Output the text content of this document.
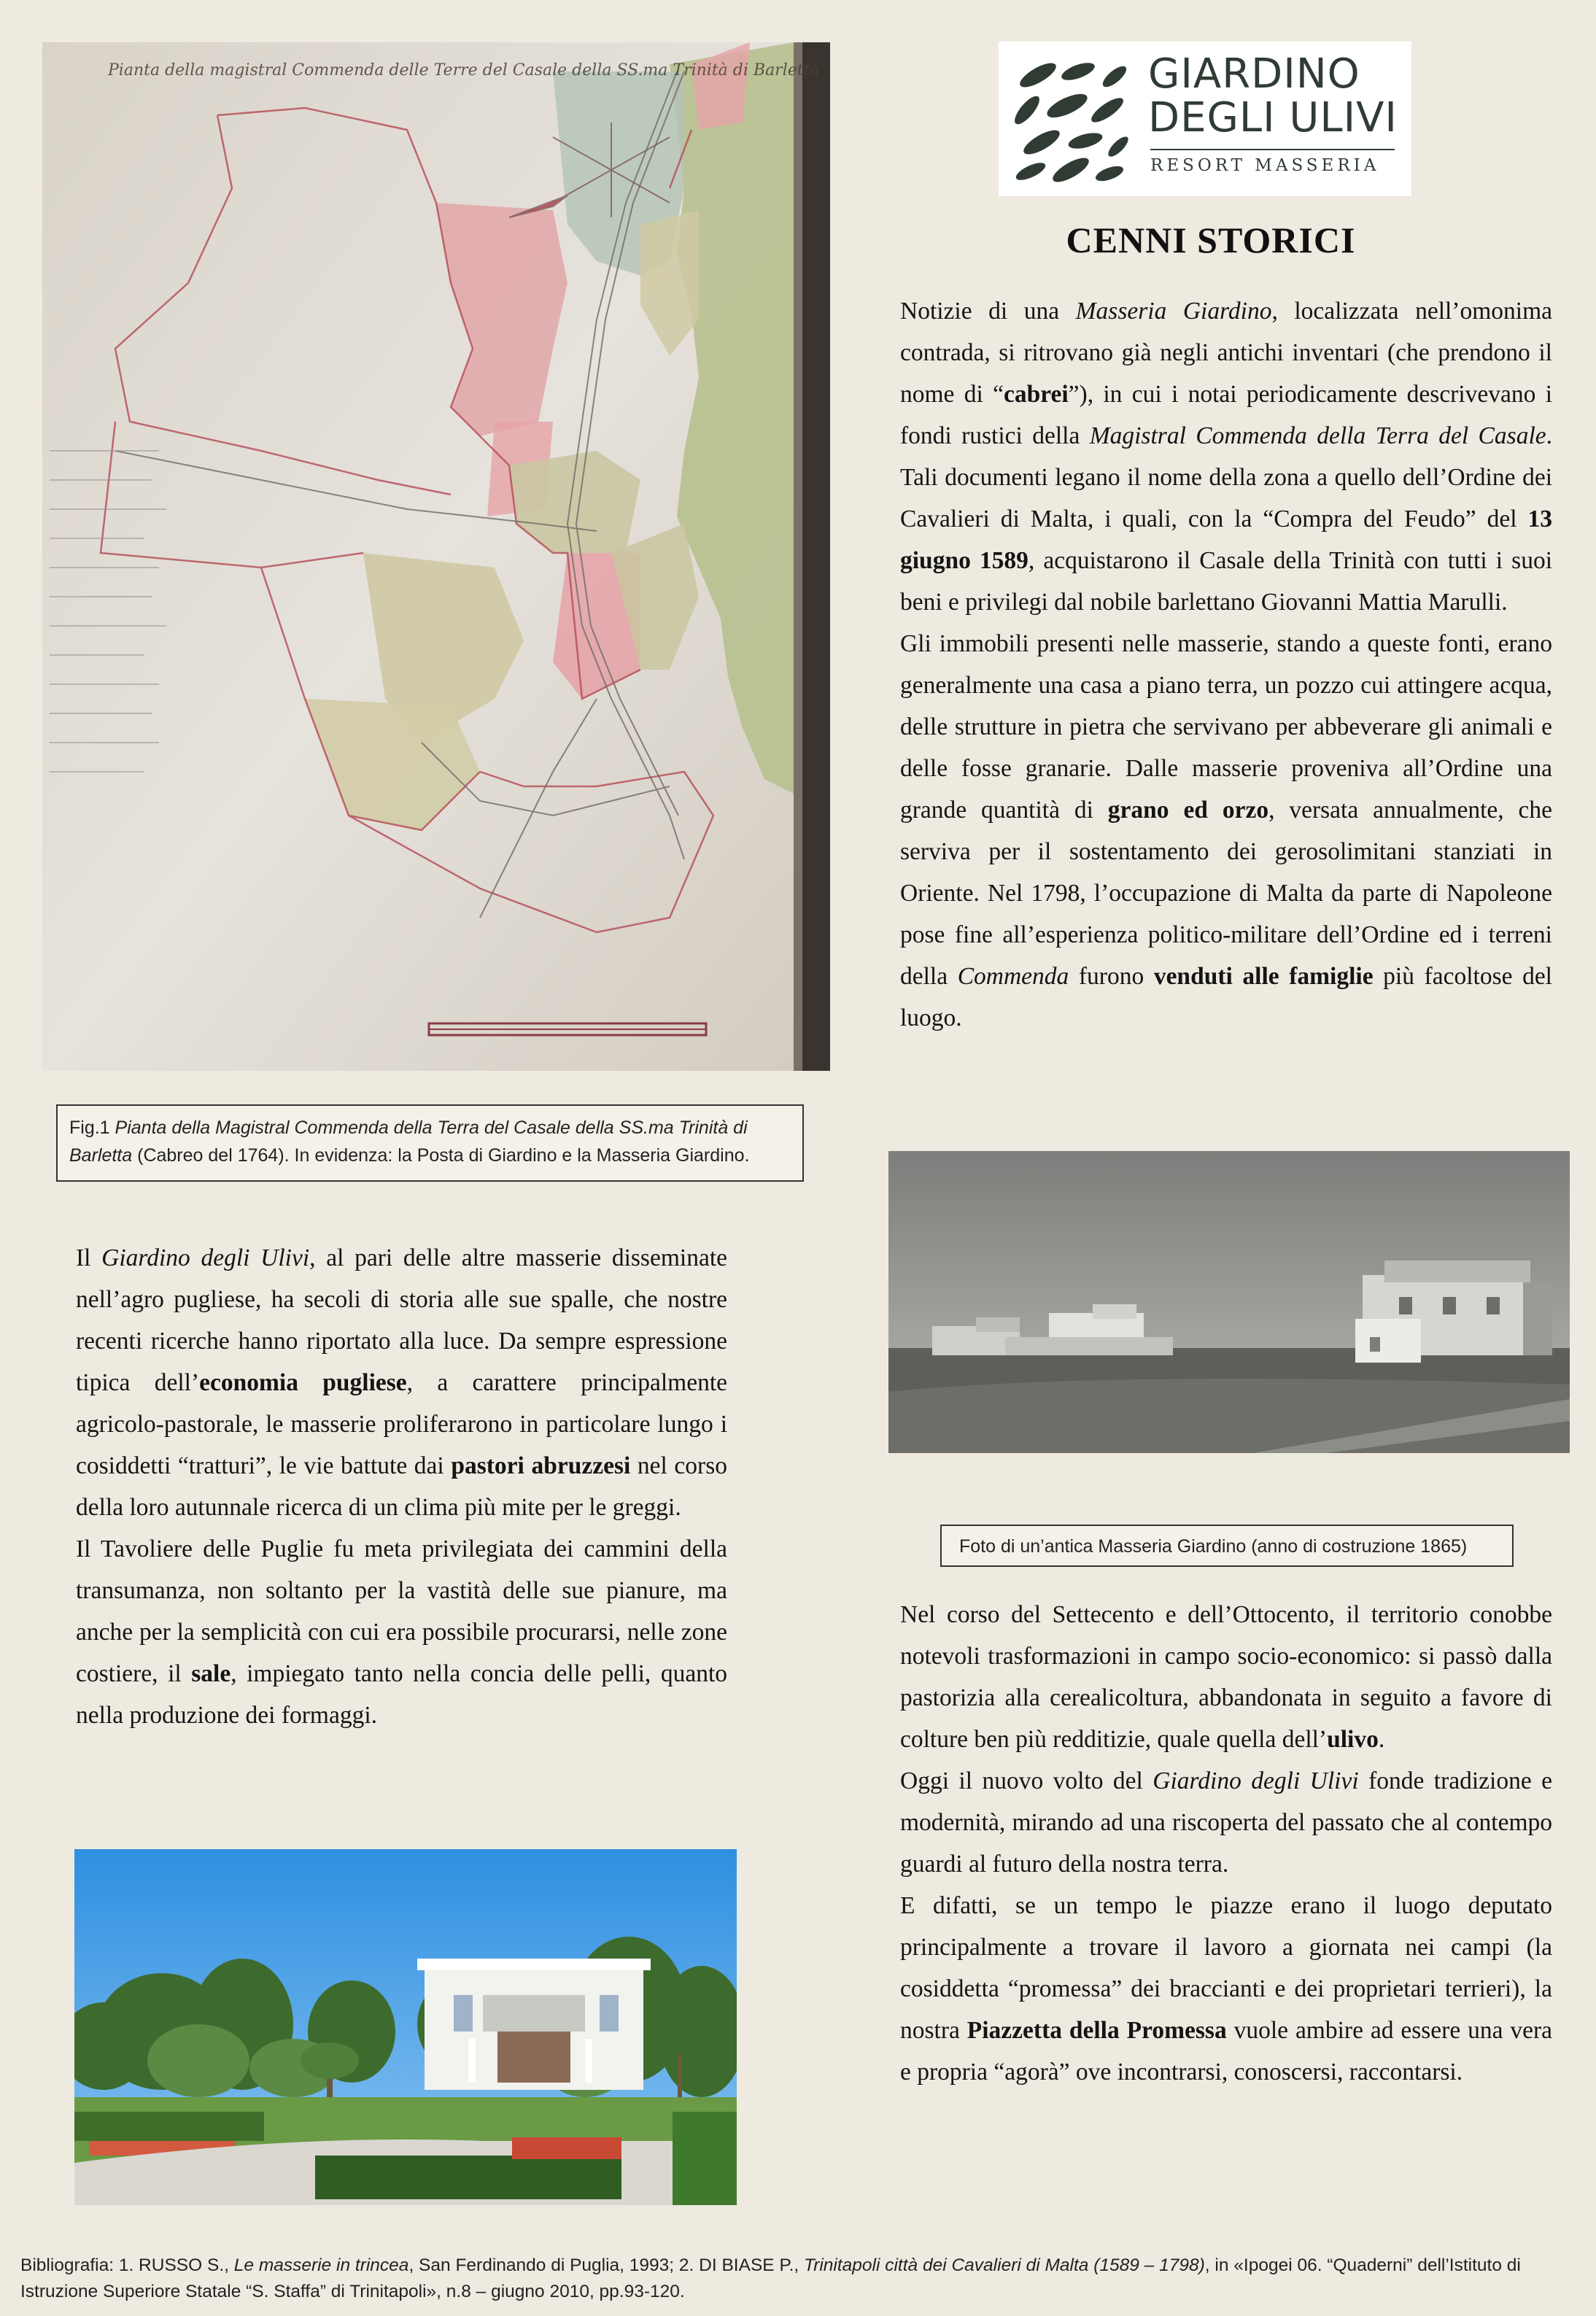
Pianta della magistral Commenda delle Terre del Casale della SS.ma Trinità di Barletta
Fig.1 Pianta della Magistral Commenda della Terra del Casale della SS.ma Trinità di Barletta (Cabreo del 1764). In evidenza: la Posta di Giardino e la Masseria Giardino.
GIARDINO
DEGLI ULIVI
RESORT MASSERIA
CENNI STORICI

Notizie di una Masseria Giardino, localizzata nell’omonima contrada, si ritrovano già negli antichi inventari (che prendono il nome di “cabrei”), in cui i notai periodicamente descrivevano i fondi rustici della Magistral Commenda della Terra del Casale. Tali documenti legano il nome della zona a quello dell’Ordine dei Cavalieri di Malta, i quali, con la “Compra del Feudo” del 13 giugno 1589, acquistarono il Casale della Trinità con tutti i suoi beni e privilegi dal nobile barlettano Giovanni Mattia Marulli.

Gli immobili presenti nelle masserie, stando a queste fonti, erano generalmente una casa a piano terra, un pozzo cui attingere acqua, delle strutture in pietra che servivano per abbeverare gli animali e delle fosse granarie. Dalle masserie proveniva all’Ordine una grande quantità di grano ed orzo, versata annualmente, che serviva per il sostentamento dei gerosolimitani stanziati in Oriente. Nel 1798, l’occupazione di Malta da parte di Napoleone pose fine all’esperienza politico-militare dell’Ordine ed i terreni della Commenda furono venduti alle famiglie più facoltose del luogo.

Il Giardino degli Ulivi, al pari delle altre masserie disseminate nell’agro pugliese, ha secoli di storia alle sue spalle, che nostre recenti ricerche hanno riportato alla luce. Da sempre espressione tipica dell’economia pugliese, a carattere principalmente agricolo-pastorale, le masserie proliferarono in particolare lungo i cosiddetti “tratturi”, le vie battute dai pastori abruzzesi nel corso della loro autunnale ricerca di un clima più mite per le greggi.

Il Tavoliere delle Puglie fu meta privilegiata dei cammini della transumanza, non soltanto per la vastità delle sue pianure, ma anche per la semplicità con cui era possibile procurarsi, nelle zone costiere, il sale, impiegato tanto nella concia delle pelli, quanto nella produzione dei formaggi.

Foto di un’antica Masseria Giardino (anno di costruzione 1865)

Nel corso del Settecento e dell’Ottocento, il territorio conobbe notevoli trasformazioni in campo socio-economico: si passò dalla pastorizia alla cerealicoltura, abbandonata in seguito a favore di colture ben più redditizie, quale quella dell’ulivo.

Oggi il nuovo volto del Giardino degli Ulivi fonde tradizione e modernità, mirando ad una riscoperta del passato che al contempo guardi al futuro della nostra terra.

E difatti, se un tempo le piazze erano il luogo deputato principalmente a trovare il lavoro a giornata nei campi (la cosiddetta “promessa” dei braccianti e dei proprietari terrieri), la nostra Piazzetta della Promessa vuole ambire ad essere una vera e propria “agorà” ove incontrarsi, conoscersi, raccontarsi.

Bibliografia: 1. RUSSO S., Le masserie in trincea, San Ferdinando di Puglia, 1993; 2. DI BIASE P., Trinitapoli città dei Cavalieri di Malta (1589 – 1798), in «Ipogei 06. “Quaderni” dell’Istituto di Istruzione Superiore Statale “S. Staffa” di Trinitapoli», n.8 – giugno 2010, pp.93-120.
